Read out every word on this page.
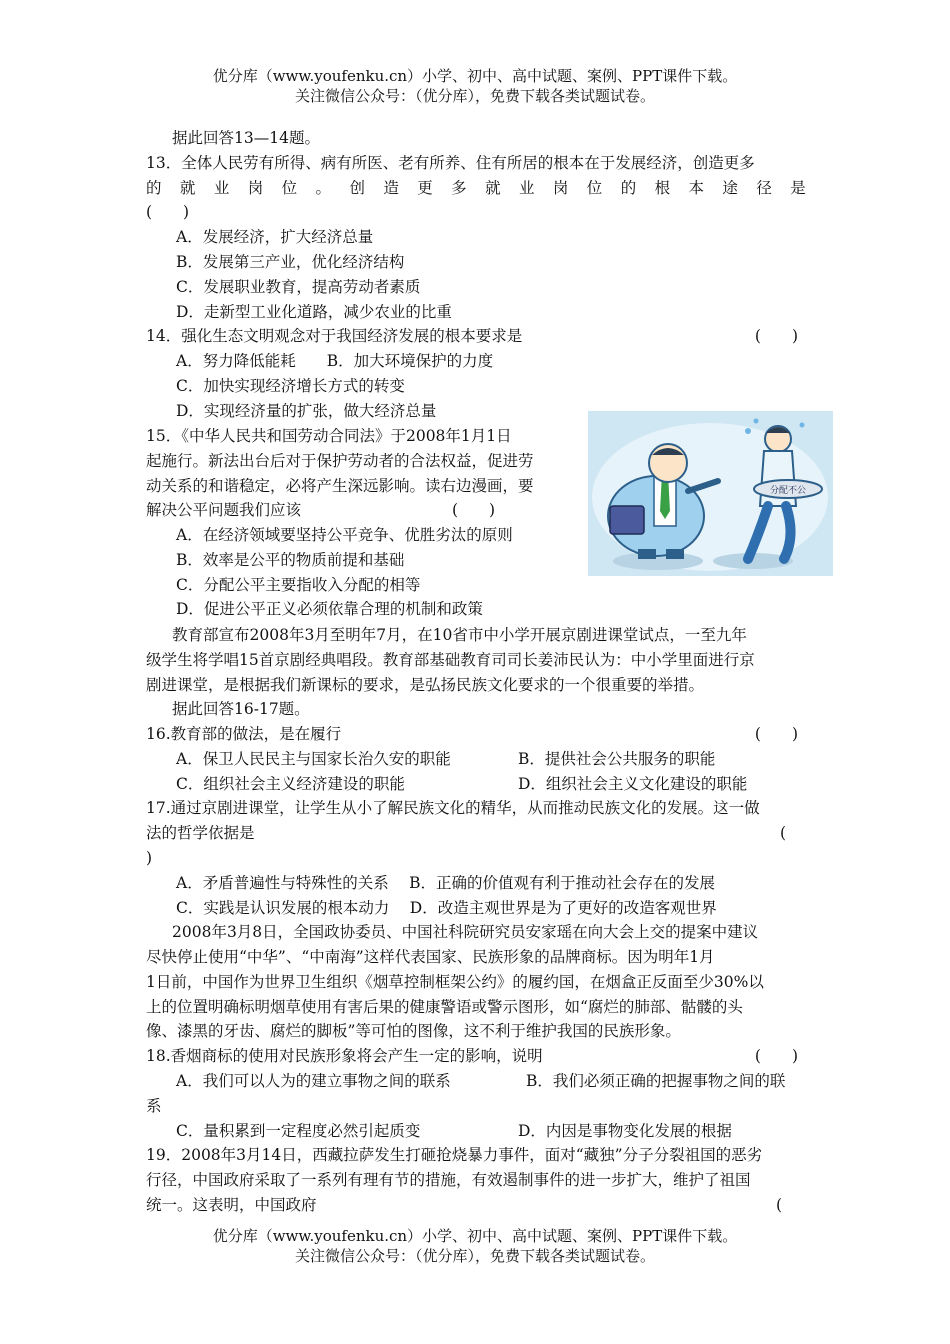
优分库（www.youfenku.cn）小学、初中、高中试题、案例、PPT课件下载。
关注微信公众号：（优分库），免费下载各类试题试卷。
据此回答13—14题。
13．全体人民劳有所得、病有所医、老有所养、住有所居的根本在于发展经济，创造更多
的 就 业 岗 位 。 创 造 更 多 就 业 岗 位 的 根 本 途 径 是
(　　)
A．发展经济，扩大经济总量
B．发展第三产业，优化经济结构
C．发展职业教育，提高劳动者素质
D．走新型工业化道路，减少农业的比重
14．强化生态文明观念对于我国经济发展的根本要求是	(　　)
A．努力降低能耗　　B．加大环境保护的力度
C．加快实现经济增长方式的转变
D．实现经济量的扩张，做大经济总量
15．《中华人民共和国劳动合同法》于2008年1月1日
起施行。新法出台后对于保护劳动者的合法权益，促进劳
动关系的和谐稳定，必将产生深远影响。读右边漫画，要
解决公平问题我们应该	(　　)
A．在经济领域要坚持公平竞争、优胜劣汰的原则
B．效率是公平的物质前提和基础
C．分配公平主要指收入分配的相等
D．促进公平正义必须依靠合理的机制和政策
分配不公
教育部宣布2008年3月至明年7月，在10省市中小学开展京剧进课堂试点，一至九年
级学生将学唱15首京剧经典唱段。教育部基础教育司司长姜沛民认为：中小学里面进行京
剧进课堂，是根据我们新课标的要求，是弘扬民族文化要求的一个很重要的举措。
据此回答16-17题。
16.教育部的做法，是在履行	(　　)
A．保卫人民民主与国家长治久安的职能	B．提供社会公共服务的职能
C．组织社会主义经济建设的职能	D．组织社会主义文化建设的职能
17.通过京剧进课堂，让学生从小了解民族文化的精华，从而推动民族文化的发展。这一做
法的哲学依据是	(
)
A．矛盾普遍性与特殊性的关系　 B．正确的价值观有利于推动社会存在的发展
C．实践是认识发展的根本动力　 D．改造主观世界是为了更好的改造客观世界
2008年3月8日，全国政协委员、中国社科院研究员安家瑶在向大会上交的提案中建议
尽快停止使用“中华”、“中南海”这样代表国家、民族形象的品牌商标。因为明年1月
1日前，中国作为世界卫生组织《烟草控制框架公约》的履约国，在烟盒正反面至少30%以
上的位置明确标明烟草使用有害后果的健康警语或警示图形，如“腐烂的肺部、骷髅的头
像、漆黑的牙齿、腐烂的脚板”等可怕的图像，这不利于维护我国的民族形象。
18.香烟商标的使用对民族形象将会产生一定的影响，说明	(　　)
A．我们可以人为的建立事物之间的联系	B．我们必须正确的把握事物之间的联
系
C．量积累到一定程度必然引起质变	D．内因是事物变化发展的根据
19．2008年3月14日，西藏拉萨发生打砸抢烧暴力事件，面对“藏独”分子分裂祖国的恶劣
行径，中国政府采取了一系列有理有节的措施，有效遏制事件的进一步扩大，维护了祖国
统一。这表明，中国政府	(
优分库（www.youfenku.cn）小学、初中、高中试题、案例、PPT课件下载。
关注微信公众号：（优分库），免费下载各类试题试卷。
